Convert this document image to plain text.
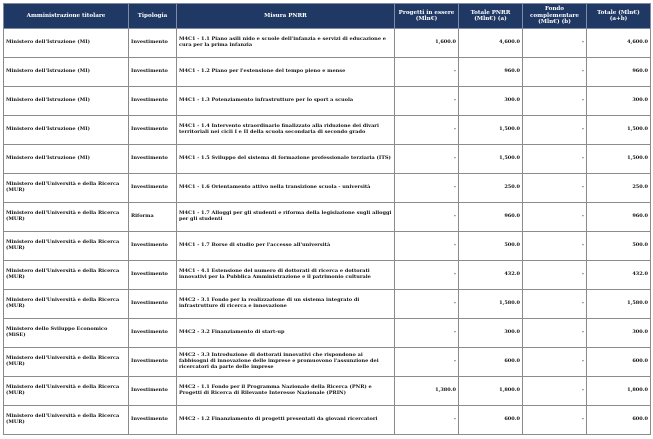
Amministrazione titolare	Tipologia	Misura PNRR	Progetti in essere (Mln€)	Totale PNRR (Mln€) (a)	Fondo complementare (Mln€) (b)	Totale (Mln€) (a+b)
Ministero dell'Istruzione (MI)	Investimento	M4C1 - 1.1 Piano asili nido e scuole dell'infanzia e servizi di educazione e cura per la prima infanzia	1,600.0	4,600.0	-	4,600.0
Ministero dell'Istruzione (MI)	Investimento	M4C1 - 1.2 Piano per l'estensione del tempo pieno e mense	-	960.0	-	960.0
Ministero dell'Istruzione (MI)	Investimento	M4C1 - 1.3 Potenziamento infrastrutture per lo sport a scuola	-	300.0	-	300.0
Ministero dell'Istruzione (MI)	Investimento	M4C1 - 1.4 Intervento straordinario finalizzato alla riduzione dei divari territoriali nei cicli I e II della scuola secondaria di secondo grado	-	1,500.0	-	1,500.0
Ministero dell'Istruzione (MI)	Investimento	M4C1 - 1.5 Sviluppo del sistema di formazione professionale terziaria (ITS)	-	1,500.0	-	1,500.0
Ministero dell'Università e della Ricerca (MUR)	Investimento	M4C1 - 1.6 Orientamento attivo nella transizione scuola - università	-	250.0	-	250.0
Ministero dell'Università e della Ricerca (MUR)	Riforma	M4C1 - 1.7 Alloggi per gli studenti e riforma della legislazione sugli alloggi per gli studenti	-	960.0	-	960.0
Ministero dell'Università e della Ricerca (MUR)	Investimento	M4C1 - 1.7 Borse di studio per l'accesso all'università	-	500.0	-	500.0
Ministero dell'Università e della Ricerca (MUR)	Investimento	M4C1 - 4.1 Estensione del numero di dottorati di ricerca e dottorati innovativi per la Pubblica Amministrazione e il patrimonio culturale	-	432.0	-	432.0
Ministero dell'Università e della Ricerca (MUR)	Investimento	M4C2 - 3.1 Fondo per la realizzazione di un sistema integrato di infrastrutture di ricerca e innovazione	-	1,580.0	-	1,580.0
Ministero dello Sviluppo Economico (MiSE)	Investimento	M4C2 - 3.2 Finanziamento di start-up	-	300.0	-	300.0
Ministero dell'Università e della Ricerca (MUR)	Investimento	M4C2 - 3.3 Introduzione di dottorati innovativi che rispondono ai fabbisogni di innovazione delle imprese e promuovono l'assunzione dei ricercatori da parte delle imprese	-	600.0	-	600.0
Ministero dell'Università e della Ricerca (MUR)	Investimento	M4C2 - 1.1 Fondo per il Programma Nazionale della Ricerca (PNR) e Progetti di Ricerca di Rilevante Interesse Nazionale (PRIN)	1,380.0	1,800.0	-	1,800.0
Ministero dell'Università e della Ricerca (MUR)	Investimento	M4C2 - 1.2 Finanziamento di progetti presentati da giovani ricercatori	-	600.0	-	600.0
